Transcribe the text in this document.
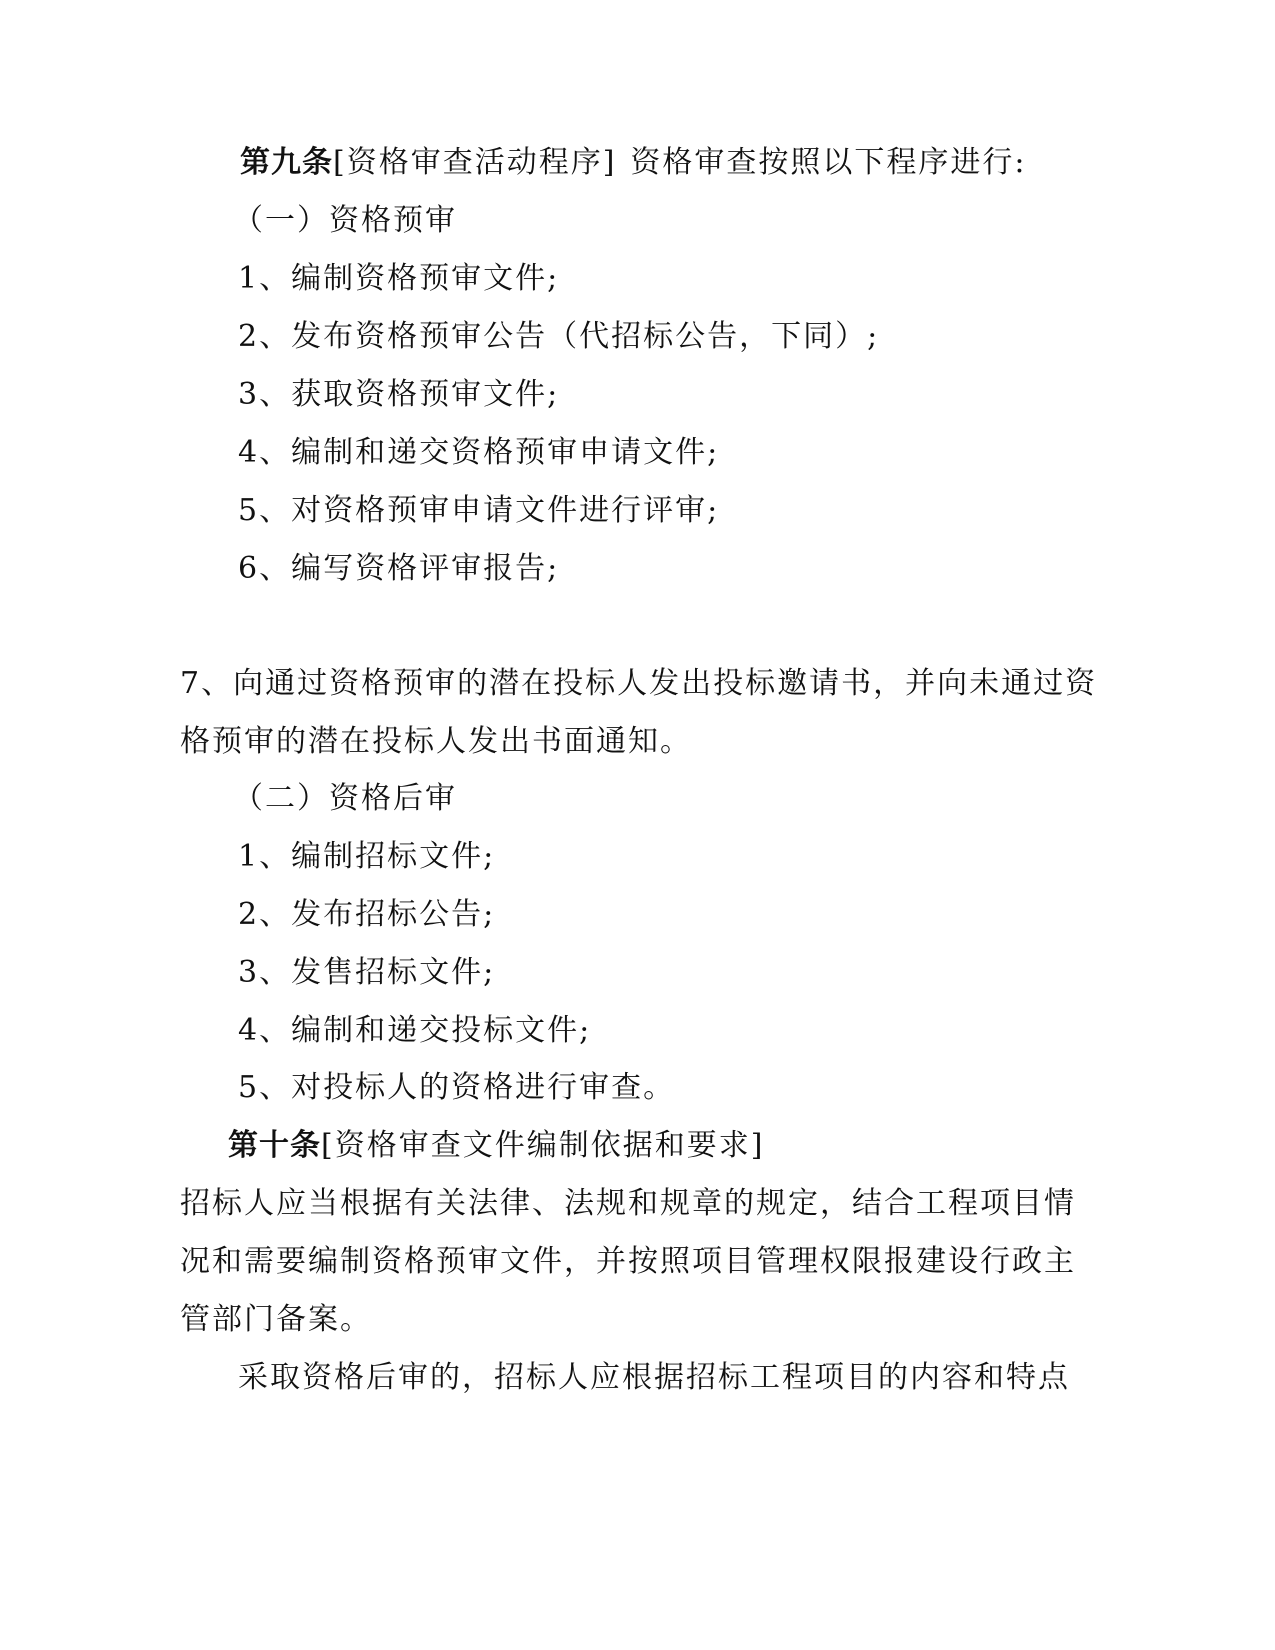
第九条[资格审查活动程序] 资格审查按照以下程序进行:
（一）资格预审
1、编制资格预审文件;
2、发布资格预审公告（代招标公告，下同）;
3、获取资格预审文件;
4、编制和递交资格预审申请文件;
5、对资格预审申请文件进行评审;
6、编写资格评审报告;
7、向通过资格预审的潜在投标人发出投标邀请书，并向未通过资
格预审的潜在投标人发出书面通知。
（二）资格后审
1、编制招标文件;
2、发布招标公告;
3、发售招标文件;
4、编制和递交投标文件;
5、对投标人的资格进行审查。
第十条[资格审查文件编制依据和要求]
招标人应当根据有关法律、法规和规章的规定，结合工程项目情
况和需要编制资格预审文件，并按照项目管理权限报建设行政主
管部门备案。
采取资格后审的，招标人应根据招标工程项目的内容和特点
